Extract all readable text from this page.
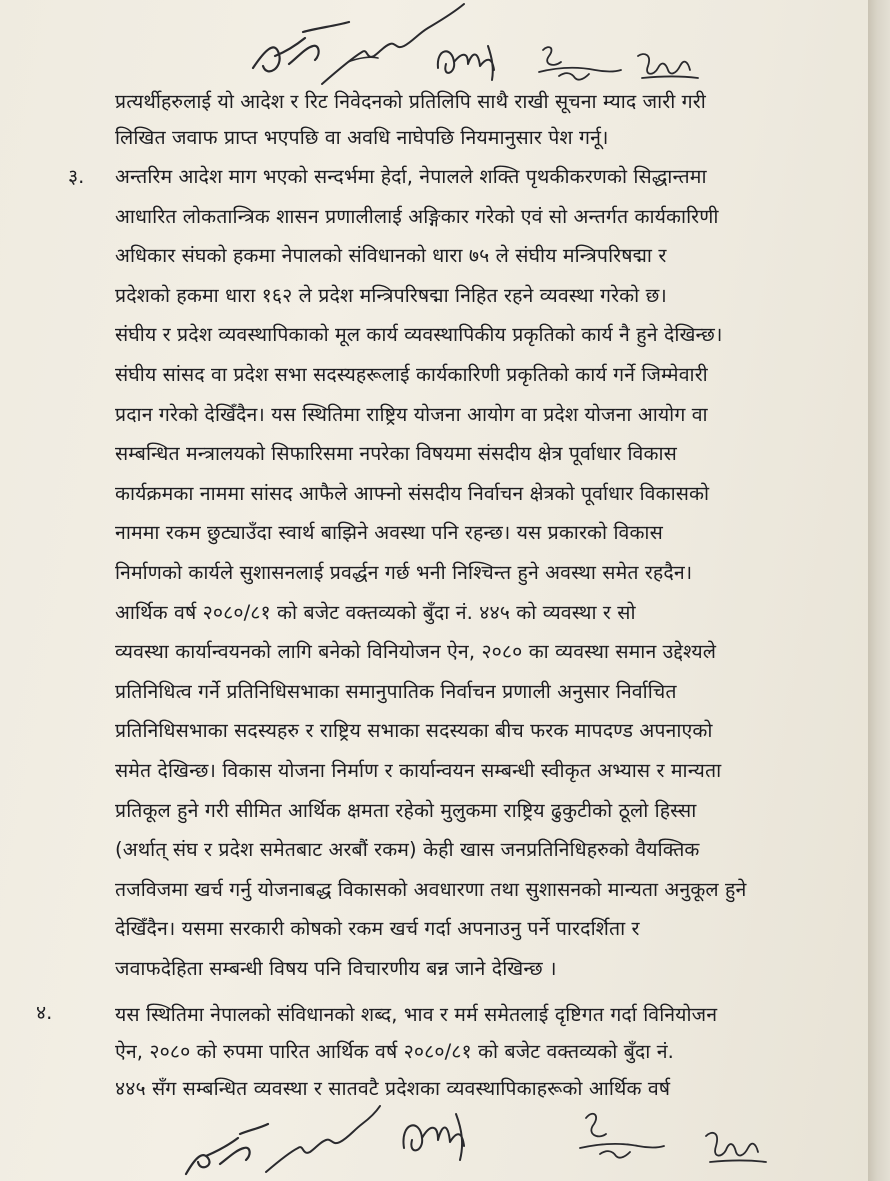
प्रत्यर्थीहरुलाई यो आदेश र रिट निवेदनको प्रतिलिपि साथै राखी सूचना म्याद जारी गरी
लिखित जवाफ प्राप्त भएपछि वा अवधि नाघेपछि नियमानुसार पेश गर्नू।
३. अन्तरिम आदेश माग भएको सन्दर्भमा हेर्दा, नेपालले शक्ति पृथकीकरणको सिद्धान्तमा
आधारित लोकतान्त्रिक शासन प्रणालीलाई अङ्गिकार गरेको एवं सो अन्तर्गत कार्यकारिणी
अधिकार संघको हकमा नेपालको संविधानको धारा ७५ ले संघीय मन्त्रिपरिषद्मा र
प्रदेशको हकमा धारा १६२ ले प्रदेश मन्त्रिपरिषद्मा निहित रहने व्यवस्था गरेको छ।
संघीय र प्रदेश व्यवस्थापिकाको मूल कार्य व्यवस्थापिकीय प्रकृतिको कार्य नै हुने देखिन्छ।
संघीय सांसद वा प्रदेश सभा सदस्यहरूलाई कार्यकारिणी प्रकृतिको कार्य गर्ने जिम्मेवारी
प्रदान गरेको देखिँदैन। यस स्थितिमा राष्ट्रिय योजना आयोग वा प्रदेश योजना आयोग वा
सम्बन्धित मन्त्रालयको सिफारिसमा नपरेका विषयमा संसदीय क्षेत्र पूर्वाधार विकास
कार्यक्रमका नाममा सांसद आफैले आफ्नो संसदीय निर्वाचन क्षेत्रको पूर्वाधार विकासको
नाममा रकम छुट्याउँदा स्वार्थ बाझिने अवस्था पनि रहन्छ। यस प्रकारको विकास
निर्माणको कार्यले सुशासनलाई प्रवर्द्धन गर्छ भनी निश्चिन्त हुने अवस्था समेत रहदैन।
आर्थिक वर्ष २०८०/८१ को बजेट वक्तव्यको बुँदा नं. ४४५ को व्यवस्था र सो
व्यवस्था कार्यान्वयनको लागि बनेको विनियोजन ऐन, २०८० का व्यवस्था समान उद्देश्यले
प्रतिनिधित्व गर्ने प्रतिनिधिसभाका समानुपातिक निर्वाचन प्रणाली अनुसार निर्वाचित
प्रतिनिधिसभाका सदस्यहरु र राष्ट्रिय सभाका सदस्यका बीच फरक मापदण्ड अपनाएको
समेत देखिन्छ। विकास योजना निर्माण र कार्यान्वयन सम्बन्धी स्वीकृत अभ्यास र मान्यता
प्रतिकूल हुने गरी सीमित आर्थिक क्षमता रहेको मुलुकमा राष्ट्रिय ढुकुटीको ठूलो हिस्सा
(अर्थात् संघ र प्रदेश समेतबाट अरबौं रकम) केही खास जनप्रतिनिधिहरुको वैयक्तिक
तजविजमा खर्च गर्नु योजनाबद्ध विकासको अवधारणा तथा सुशासनको मान्यता अनुकूल हुने
देखिँदैन। यसमा सरकारी कोषको रकम खर्च गर्दा अपनाउनु पर्ने पारदर्शिता र
जवाफदेहिता सम्बन्धी विषय पनि विचारणीय बन्न जाने देखिन्छ ।
४.	यस स्थितिमा नेपालको संविधानको शब्द, भाव र मर्म समेतलाई दृष्टिगत गर्दा विनियोजन
ऐन, २०८० को रुपमा पारित आर्थिक वर्ष २०८०/८१ को बजेट वक्तव्यको बुँदा नं.
४४५ सँग सम्बन्धित व्यवस्था र सातवटै प्रदेशका व्यवस्थापिकाहरूको आर्थिक वर्ष
